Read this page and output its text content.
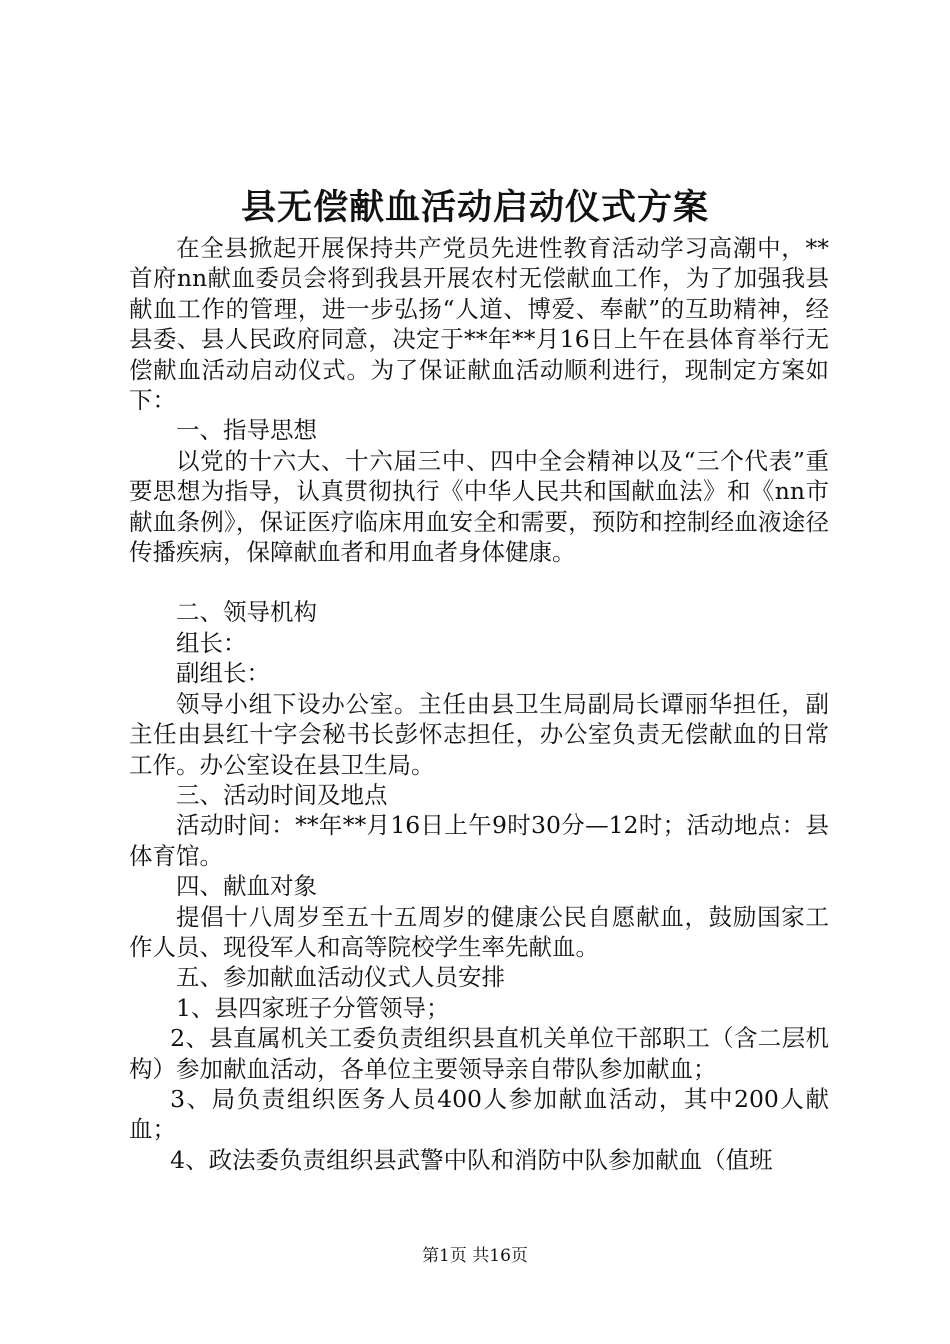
县无偿献血活动启动仪式方案

在全县掀起开展保持共产党员先进性教育活动学习高潮中，**首府nn献血委员会将到我县开展农村无偿献血工作，为了加强我县献血工作的管理，进一步弘扬“人道、博爱、奉献”的互助精神，经县委、县人民政府同意，决定于**年**月16日上午在县体育举行无偿献血活动启动仪式。为了保证献血活动顺利进行，现制定方案如下：

一、指导思想

以党的十六大、十六届三中、四中全会精神以及“三个代表”重要思想为指导，认真贯彻执行《中华人民共和国献血法》和《nn市献血条例》，保证医疗临床用血安全和需要，预防和控制经血液途径传播疾病，保障献血者和用血者身体健康。

二、领导机构

组长：

副组长：

领导小组下设办公室。主任由县卫生局副局长谭丽华担任，副主任由县红十字会秘书长彭怀志担任，办公室负责无偿献血的日常工作。办公室设在县卫生局。

三、活动时间及地点

活动时间：**年**月16日上午9时30分—12时；活动地点：县体育馆。

四、献血对象

提倡十八周岁至五十五周岁的健康公民自愿献血，鼓励国家工作人员、现役军人和高等院校学生率先献血。

五、参加献血活动仪式人员安排

1、县四家班子分管领导；

2、县直属机关工委负责组织县直机关单位干部职工（含二层机构）参加献血活动，各单位主要领导亲自带队参加献血；

3、局负责组织医务人员400人参加献血活动，其中200人献血；

4、政法委负责组织县武警中队和消防中队参加献血（值班

第1页 共16页
